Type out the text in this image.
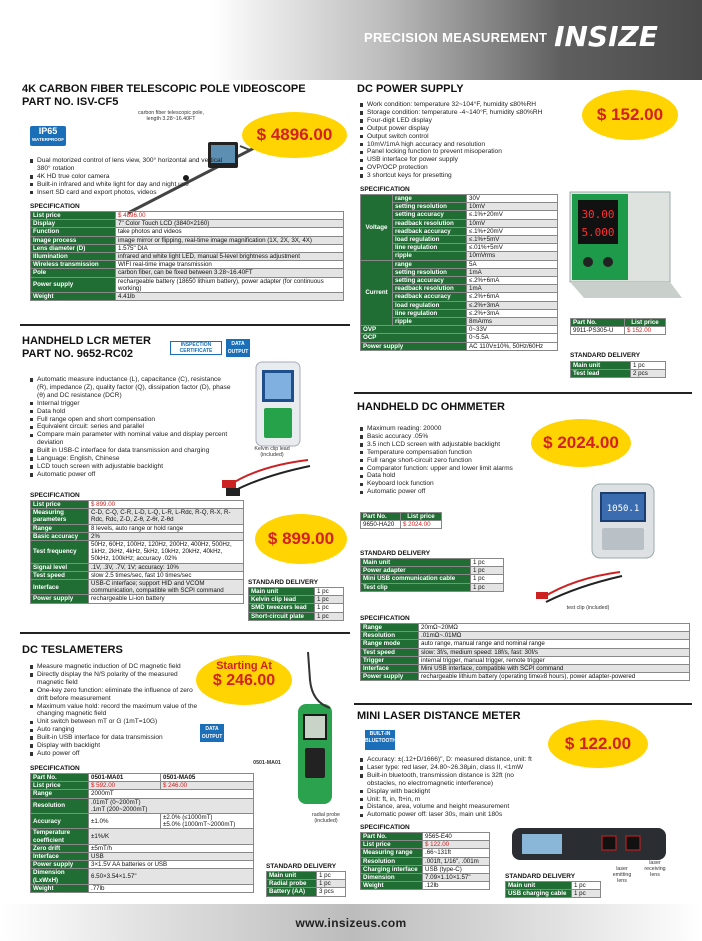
PRECISION MEASUREMENT INSIZE
4K CARBON FIBER TELESCOPIC POLE VIDEOSCOPE
PART NO. ISV-CF5
IP65
WATERPROOF
carbon fiber telescopic pole, length 3.28~16.40FT
$ 4896.00
Dual motorized control of lens view, 300° horizontal and vertical 380° rotation
4K HD true color camera
Built-in infrared and white light for day and night use
Insert SD card and export photos, videos
SPECIFICATION
List price	$ 4896.00
Display	7" Color Touch LCD (3840×2160)
Function	take photos and videos
Image process	image mirror or flipping, real-time image magnification (1X, 2X, 3X, 4X)
Lens diameter (D)	1.575" DIA
Illumination	infrared and white light LED, manual 5-level brightness adjustment
Wireless transmission	WIFI real-time image transmission
Pole	carbon fiber, can be fixed between 3.28~16.40FT
Power supply	rechargeable battery (18650 lithium battery), power adapter (for continuous working)
Weight	4.41lb
HANDHELD LCR METER
PART NO. 9652-RC02
INSPECTION CERTIFICATE
DATA OUTPUT
Kelvin clip lead (included)
Automatic measure inductance (L), capacitance (C), resistance (R), impedance (Z), quality factor (Q), dissipation factor (D), phase (θ) and DC resistance (DCR)
Internal trigger
Data hold
Full range open and short compensation
Equivalent circuit: series and parallel
Compare main parameter with nominal value and display percent deviation
Built in USB-C interface for data transmission and charging
Language: English, Chinese
LCD touch screen with adjustable backlight
Automatic power off
$ 899.00
SPECIFICATION
List price	$ 899.00
Measuring parameters	C-D, C-Q, C-R, L-D, L-Q, L-R, L-Rdc, R-Q, R-X, R-Rdc, Rdc, Z-D, Z-θ, Z-θr, Z-θd
Range	8 levels, auto range or hold range
Basic accuracy	2%
Test frequency	50Hz, 60Hz, 100Hz, 120Hz, 200Hz, 400Hz, 500Hz, 1kHz, 2kHz, 4kHz, 5kHz, 10kHz, 20kHz, 40kHz, 50kHz, 100kHz; accuracy .02%
Signal level	.1V, .3V, .7V, 1V; accuracy: 10%
Test speed	slow 2.5 times/sec, fast 10 times/sec
Interface	USB-C interface; support HID and VCOM communication, compatible with SCPI command
Power supply	rechargeable Li-ion battery
STANDARD DELIVERY
Main unit	1 pc
Kelvin clip lead	1 pc
SMD tweezers lead	1 pc
Short-circuit plate	1 pc
DC TESLAMETERS
Starting At
$ 246.00
Measure magnetic induction of DC magnetic field
Directly display the N/S polarity of the measured magnetic field
One-key zero function: eliminate the influence of zero drift before measurement
Maximum value hold: record the maximum value of the changing magnetic field
Unit switch between mT or G (1mT=10G)
Auto ranging
Built-in USB interface for data transmission
Display with backlight
Auto power off
DATA OUTPUT
0501-MA01
radial probe (included)
SPECIFICATION
Part No.	0501-MA01	0501-MA05
List price	$ 592.00	$ 246.00
Range	2000mT	
Resolution	.01mT (0~200mT)
.1mT (200~2000mT)	

Accuracy	±1.0%	±2.0% (≤1000mT)
±5.0% (1000mT~2000mT)

Temperature coefficient	±1%/K	
Zero drift	±5mT/h	
Interface	USB	
Power supply	3×1.5V AA batteries or USB	
Dimension (LxWxH)	6.50×3.54×1.57"	
Weight	.77lb	
STANDARD DELIVERY
Main unit	1 pc
Radial probe	1 pc
Battery (AA)	3 pcs
DC POWER SUPPLY
$ 152.00
Work condition: temperature 32~104°F, humidity ≤80%RH
Storage condition: temperature -4~140°F, humidity ≤80%RH
Four-digit LED display
Output power display
Output switch control
10mV/1mA high accuracy and resolution
Panel locking function to prevent misoperation
USB interface for power supply
OVP/OCP protection
3 shortcut keys for presetting
SPECIFICATION
Voltage	range	30V
	setting resolution	10mV
	setting accuracy	≤.1%+20mV
	readback resolution	10mV
	readback accuracy	≤.1%+20mV
	load regulation	≤.1%+5mV
	line regulation	≤.01%+5mV
	ripple	10mVrms
Current	range	5A
	setting resolution	1mA
	setting accuracy	≤.2%+6mA
	readback resolution	1mA
	readback accuracy	≤.2%+6mA
	load regulation	≤.2%+3mA
	line regulation	≤.2%+3mA
	ripple	8mArms
OVP		0~33V
OCP		0~5.5A
Power supply		AC 110V±10%, 50Hz/60Hz
30.00
5.000
Part No.	List price
9911-PS305-U	$ 152.00
STANDARD DELIVERY
Main unit	1 pc
Test lead	2 pcs
HANDHELD DC OHMMETER
$ 2024.00
Maximum reading: 20000
Basic accuracy .05%
3.5 inch LCD screen with adjustable backlight
Temperature compensation function
Full range short-circuit zero function
Comparator function: upper and lower limit alarms
Data hold
Keyboard lock function
Automatic power off
Part No.	List price
9650-HA20	$ 2024.00
1050.1
test clip (included)
STANDARD DELIVERY
Main unit	1 pc
Power adapter	1 pc
Mini USB communication cable	1 pc
Test clip	1 pc
SPECIFICATION
Range	20mΩ~20MΩ
Resolution	.01mΩ~.01MΩ
Range mode	auto range, manual range and nominal range
Test speed	slow: 3f/s, medium speed: 18f/s, fast: 30f/s
Trigger	internal trigger, manual trigger, remote trigger
Interface	Mini USB interface, compatible with SCPI command
Power supply	rechargeable lithium battery (operating time≥8 hours), power adapter-powered
MINI LASER DISTANCE METER
BUILT-IN BLUETOOTH	$ 122.00
Accuracy: ±(.12+D/1666)", D: measured distance, unit: ft
Laser type: red laser, 24.80~26.38μin, class II, <1mW
Built-in bluetooth, transmission distance is 32ft (no obstacles, no electromagnetic interference)
Display with backlight
Unit: ft, in, ft+in, m
Distance, area, volume and height measurement
Automatic power off: laser 30s, main unit 180s
SPECIFICATION
Part No.	9565-E40
List price	$ 122.00
Measuring range	.66~131ft
Resolution	.001ft, 1/16", .001m
Charging interface	USB (type-C)
Dimension	7.09×1.10×1.57"
Weight	.12lb
laser emitting lens
laser receiving lens
STANDARD DELIVERY
Main unit	1 pc
USB charging cable	1 pc
www.insizeus.com
